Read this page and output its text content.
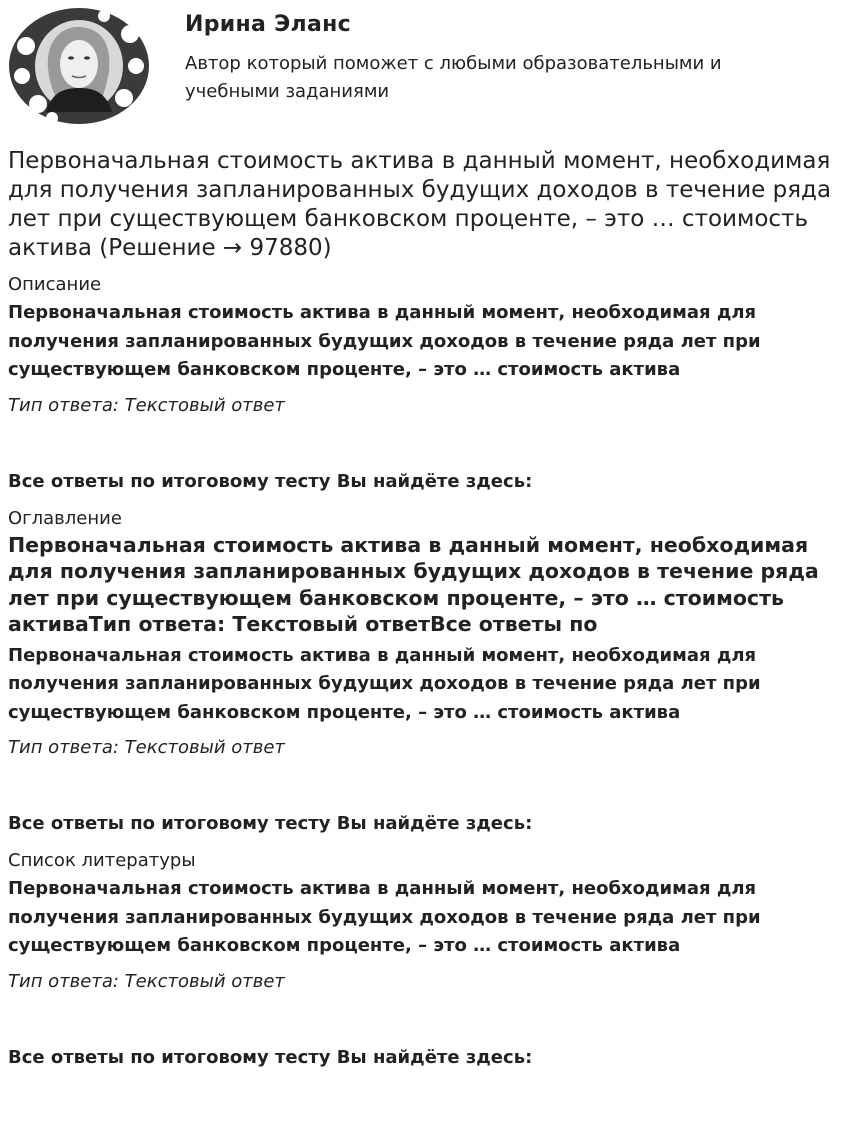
Ирина Эланс
Автор который поможет с любыми образовательными и учебными заданиями
Первоначальная стоимость актива в данный момент, необходимая для получения запланированных будущих доходов в течение ряда лет при существующем банковском проценте, – это … стоимость актива (Решение → 97880)

Описание

Первоначальная стоимость актива в данный момент, необходимая для получения запланированных будущих доходов в течение ряда лет при существующем банковском проценте, – это … стоимость актива

Тип ответа: Текстовый ответ

Все ответы по итоговому тесту Вы найдёте здесь:

Оглавление

Первоначальная стоимость актива в данный момент, необходимая для получения запланированных будущих доходов в течение ряда лет при существующем банковском проценте, – это … стоимость активаТип ответа: Текстовый ответВсе ответы по

Первоначальная стоимость актива в данный момент, необходимая для получения запланированных будущих доходов в течение ряда лет при существующем банковском проценте, – это … стоимость актива

Тип ответа: Текстовый ответ

Все ответы по итоговому тесту Вы найдёте здесь:

Список литературы

Первоначальная стоимость актива в данный момент, необходимая для получения запланированных будущих доходов в течение ряда лет при существующем банковском проценте, – это … стоимость актива

Тип ответа: Текстовый ответ

Все ответы по итоговому тесту Вы найдёте здесь:
